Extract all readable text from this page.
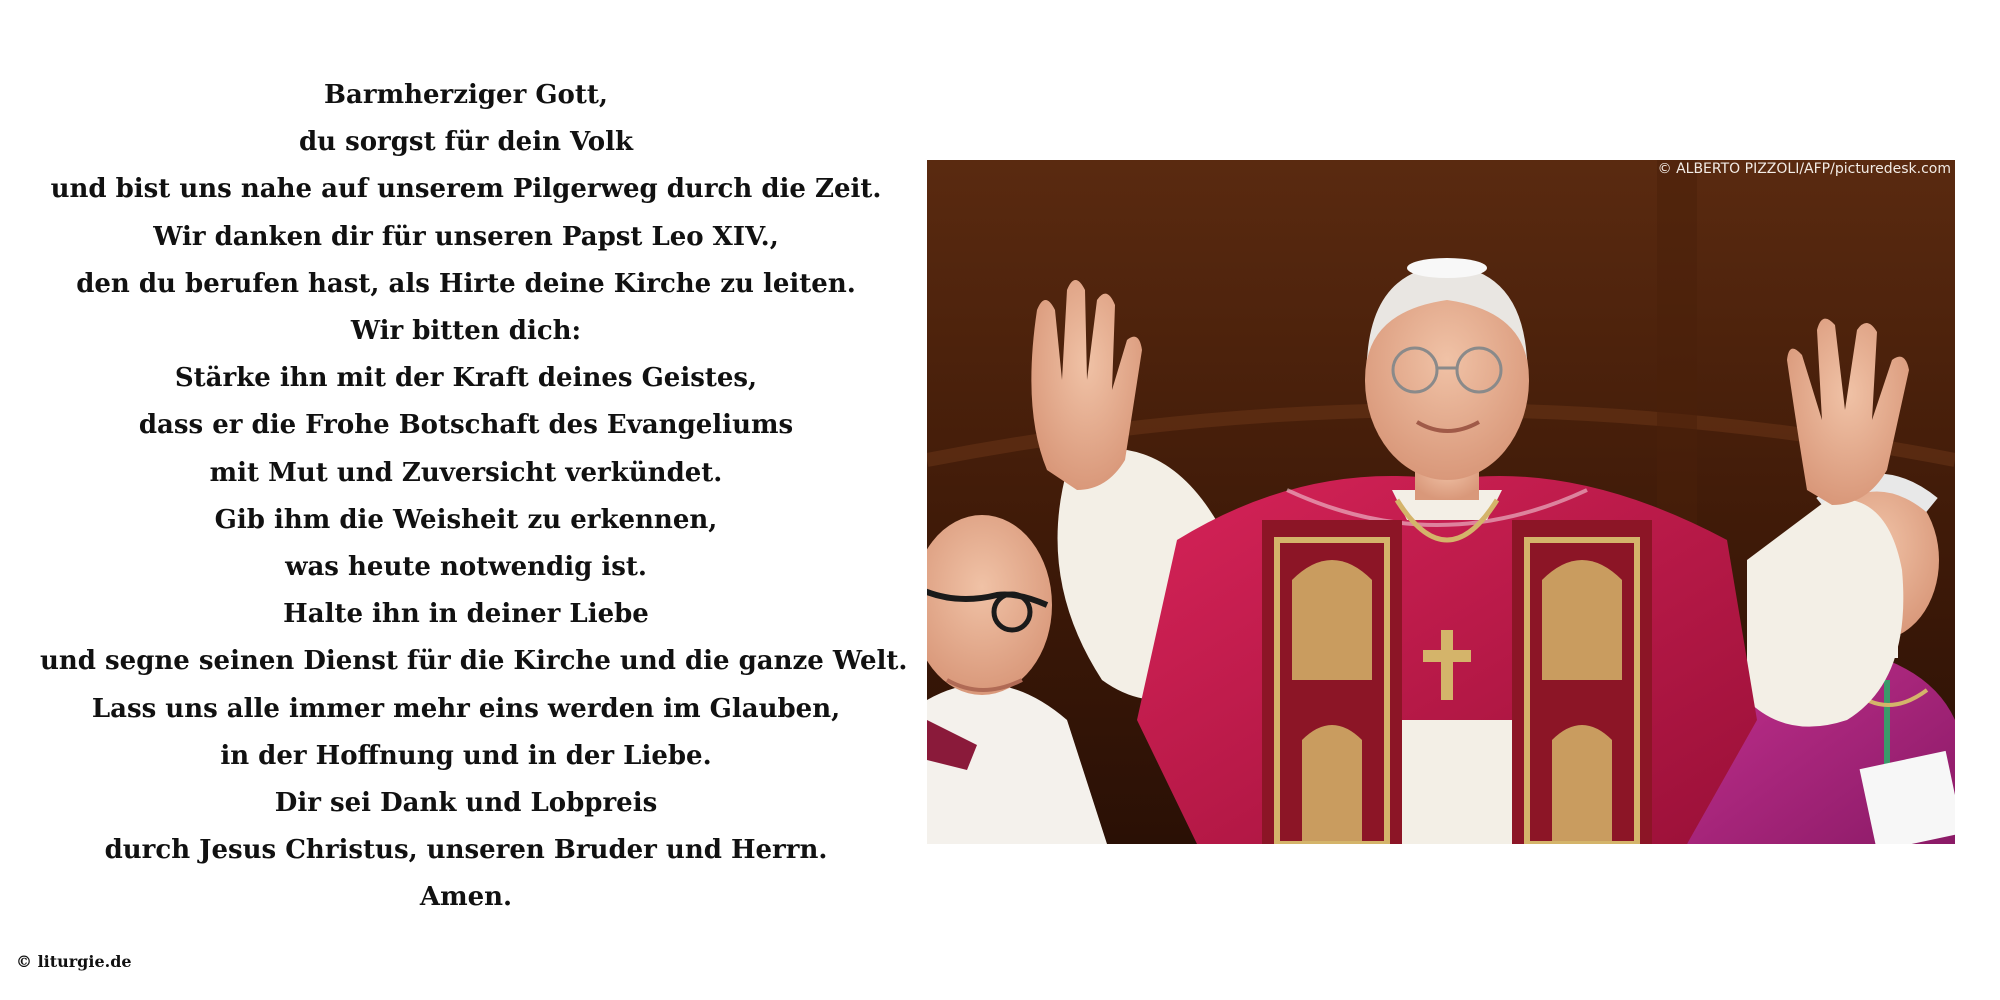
Barmherziger Gott,
du sorgst für dein Volk
und bist uns nahe auf unserem Pilgerweg durch die Zeit.
Wir danken dir für unseren Papst Leo XIV.,
den du berufen hast, als Hirte deine Kirche zu leiten.
Wir bitten dich:
Stärke ihn mit der Kraft deines Geistes,
dass er die Frohe Botschaft des Evangeliums
mit Mut und Zuversicht verkündet.
Gib ihm die Weisheit zu erkennen,
was heute notwendig ist.
Halte ihn in deiner Liebe
und segne seinen Dienst für die Kirche und die ganze Welt.
Lass uns alle immer mehr eins werden im Glauben,
in der Hoffnung und in der Liebe.
Dir sei Dank und Lobpreis
durch Jesus Christus, unseren Bruder und Herrn.
Amen.
© liturgie.de
© ALBERTO PIZZOLI/AFP/picturedesk.com
